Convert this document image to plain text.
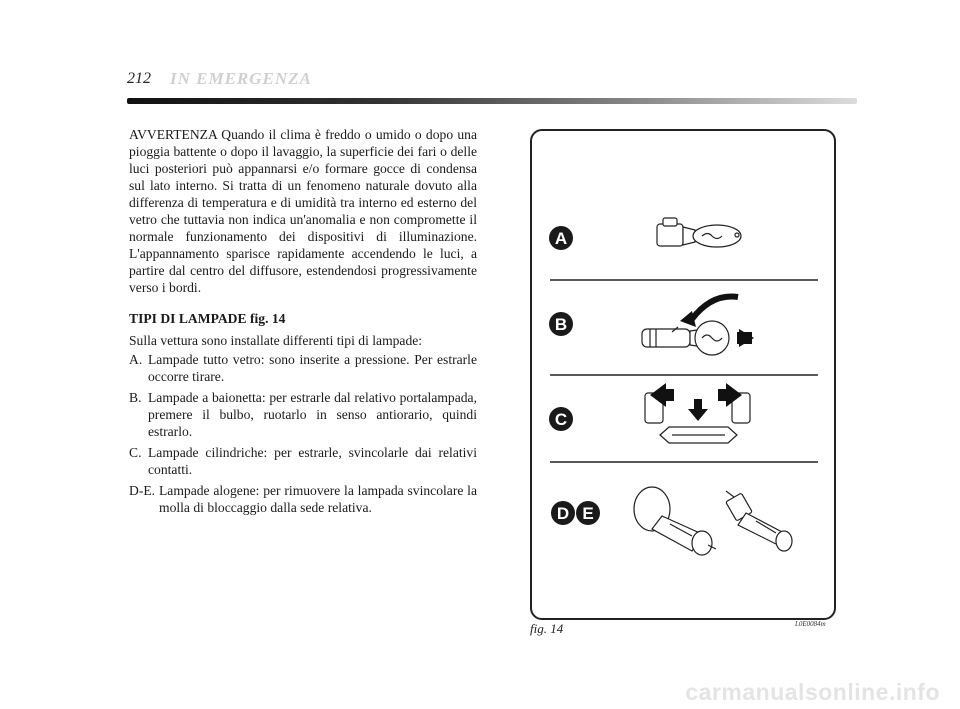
212 IN EMERGENZA

AVVERTENZA Quando il clima è freddo o umido o dopo una pioggia battente o dopo il lavaggio, la superficie dei fari o delle luci posteriori può appannarsi e/o formare gocce di condensa sul lato interno. Si tratta di un fenomeno naturale dovuto alla differenza di temperatura e di umidità tra interno ed esterno del vetro che tuttavia non indica un'anomalia e non compromette il normale funzionamento dei dispositivi di illuminazione. L'appannamento sparisce rapidamente accendendo le luci, a partire dal centro del diffusore, estendendosi progressivamente verso i bordi.

TIPI DI LAMPADE fig. 14

Sulla vettura sono installate differenti tipi di lampade:

A. Lampade tutto vetro: sono inserite a pressione. Per estrarle occorre tirare.
B. Lampade a baionetta: per estrarle dal relativo portalampada, premere il bulbo, ruotarlo in senso antiorario, quindi estrarlo.
C. Lampade cilindriche: per estrarle, svincolarle dai relativi contatti.
D-E. Lampade alogene: per rimuovere la lampada svincolare la molla di bloccaggio dalla sede relativa.
A
B
C
D E
fig. 14	L0E0084m
carmanualsonline.info
